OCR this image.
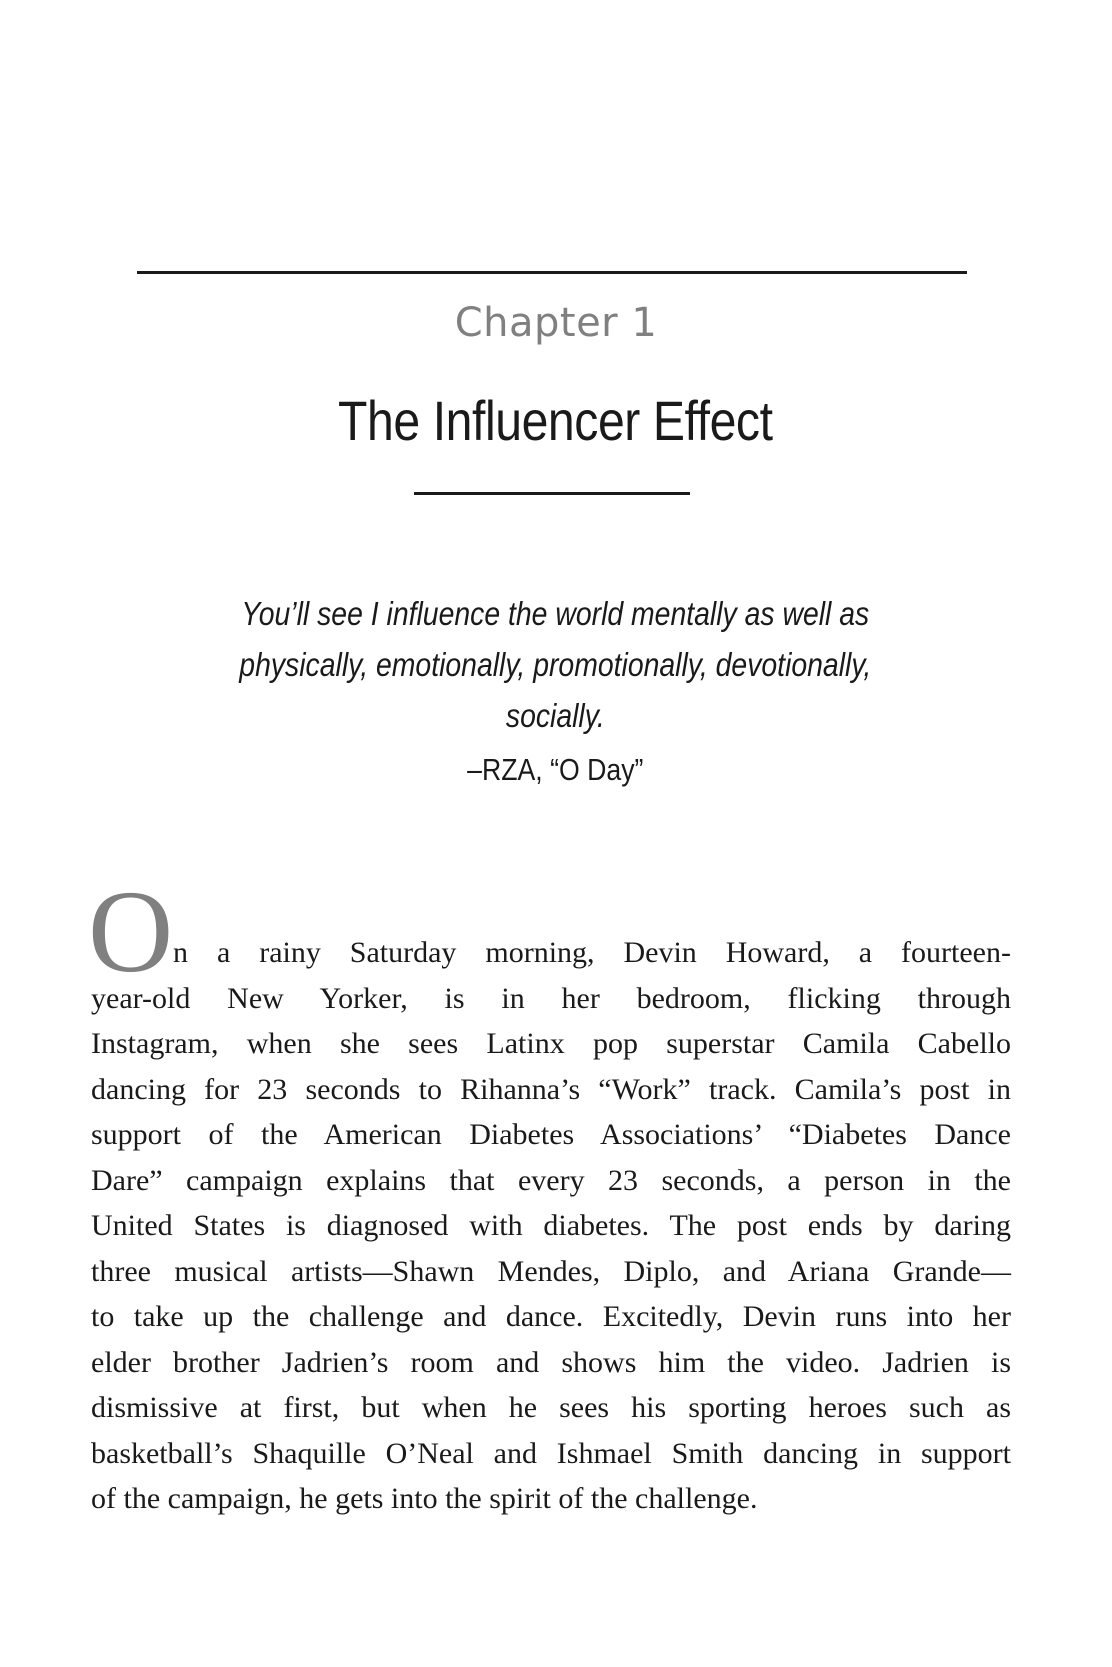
Chapter 1
The Influencer Effect
You’ll see I influence the world mentally as well as
physically, emotionally, promotionally, devotionally,
socially.
–RZA, “O Day”
O n a rainy Saturday morning, Devin Howard, a fourteen-
year-old New Yorker, is in her bedroom, flicking through
Instagram, when she sees Latinx pop superstar Camila Cabello
dancing for 23 seconds to Rihanna’s “Work” track. Camila’s post in
support of the American Diabetes Associations’ “Diabetes Dance
Dare” campaign explains that every 23 seconds, a person in the
United States is diagnosed with diabetes. The post ends by daring
three musical artists—Shawn Mendes, Diplo, and Ariana Grande—
to take up the challenge and dance. Excitedly, Devin runs into her
elder brother Jadrien’s room and shows him the video. Jadrien is
dismissive at first, but when he sees his sporting heroes such as
basketball’s Shaquille O’Neal and Ishmael Smith dancing in support
of the campaign, he gets into the spirit of the challenge.
